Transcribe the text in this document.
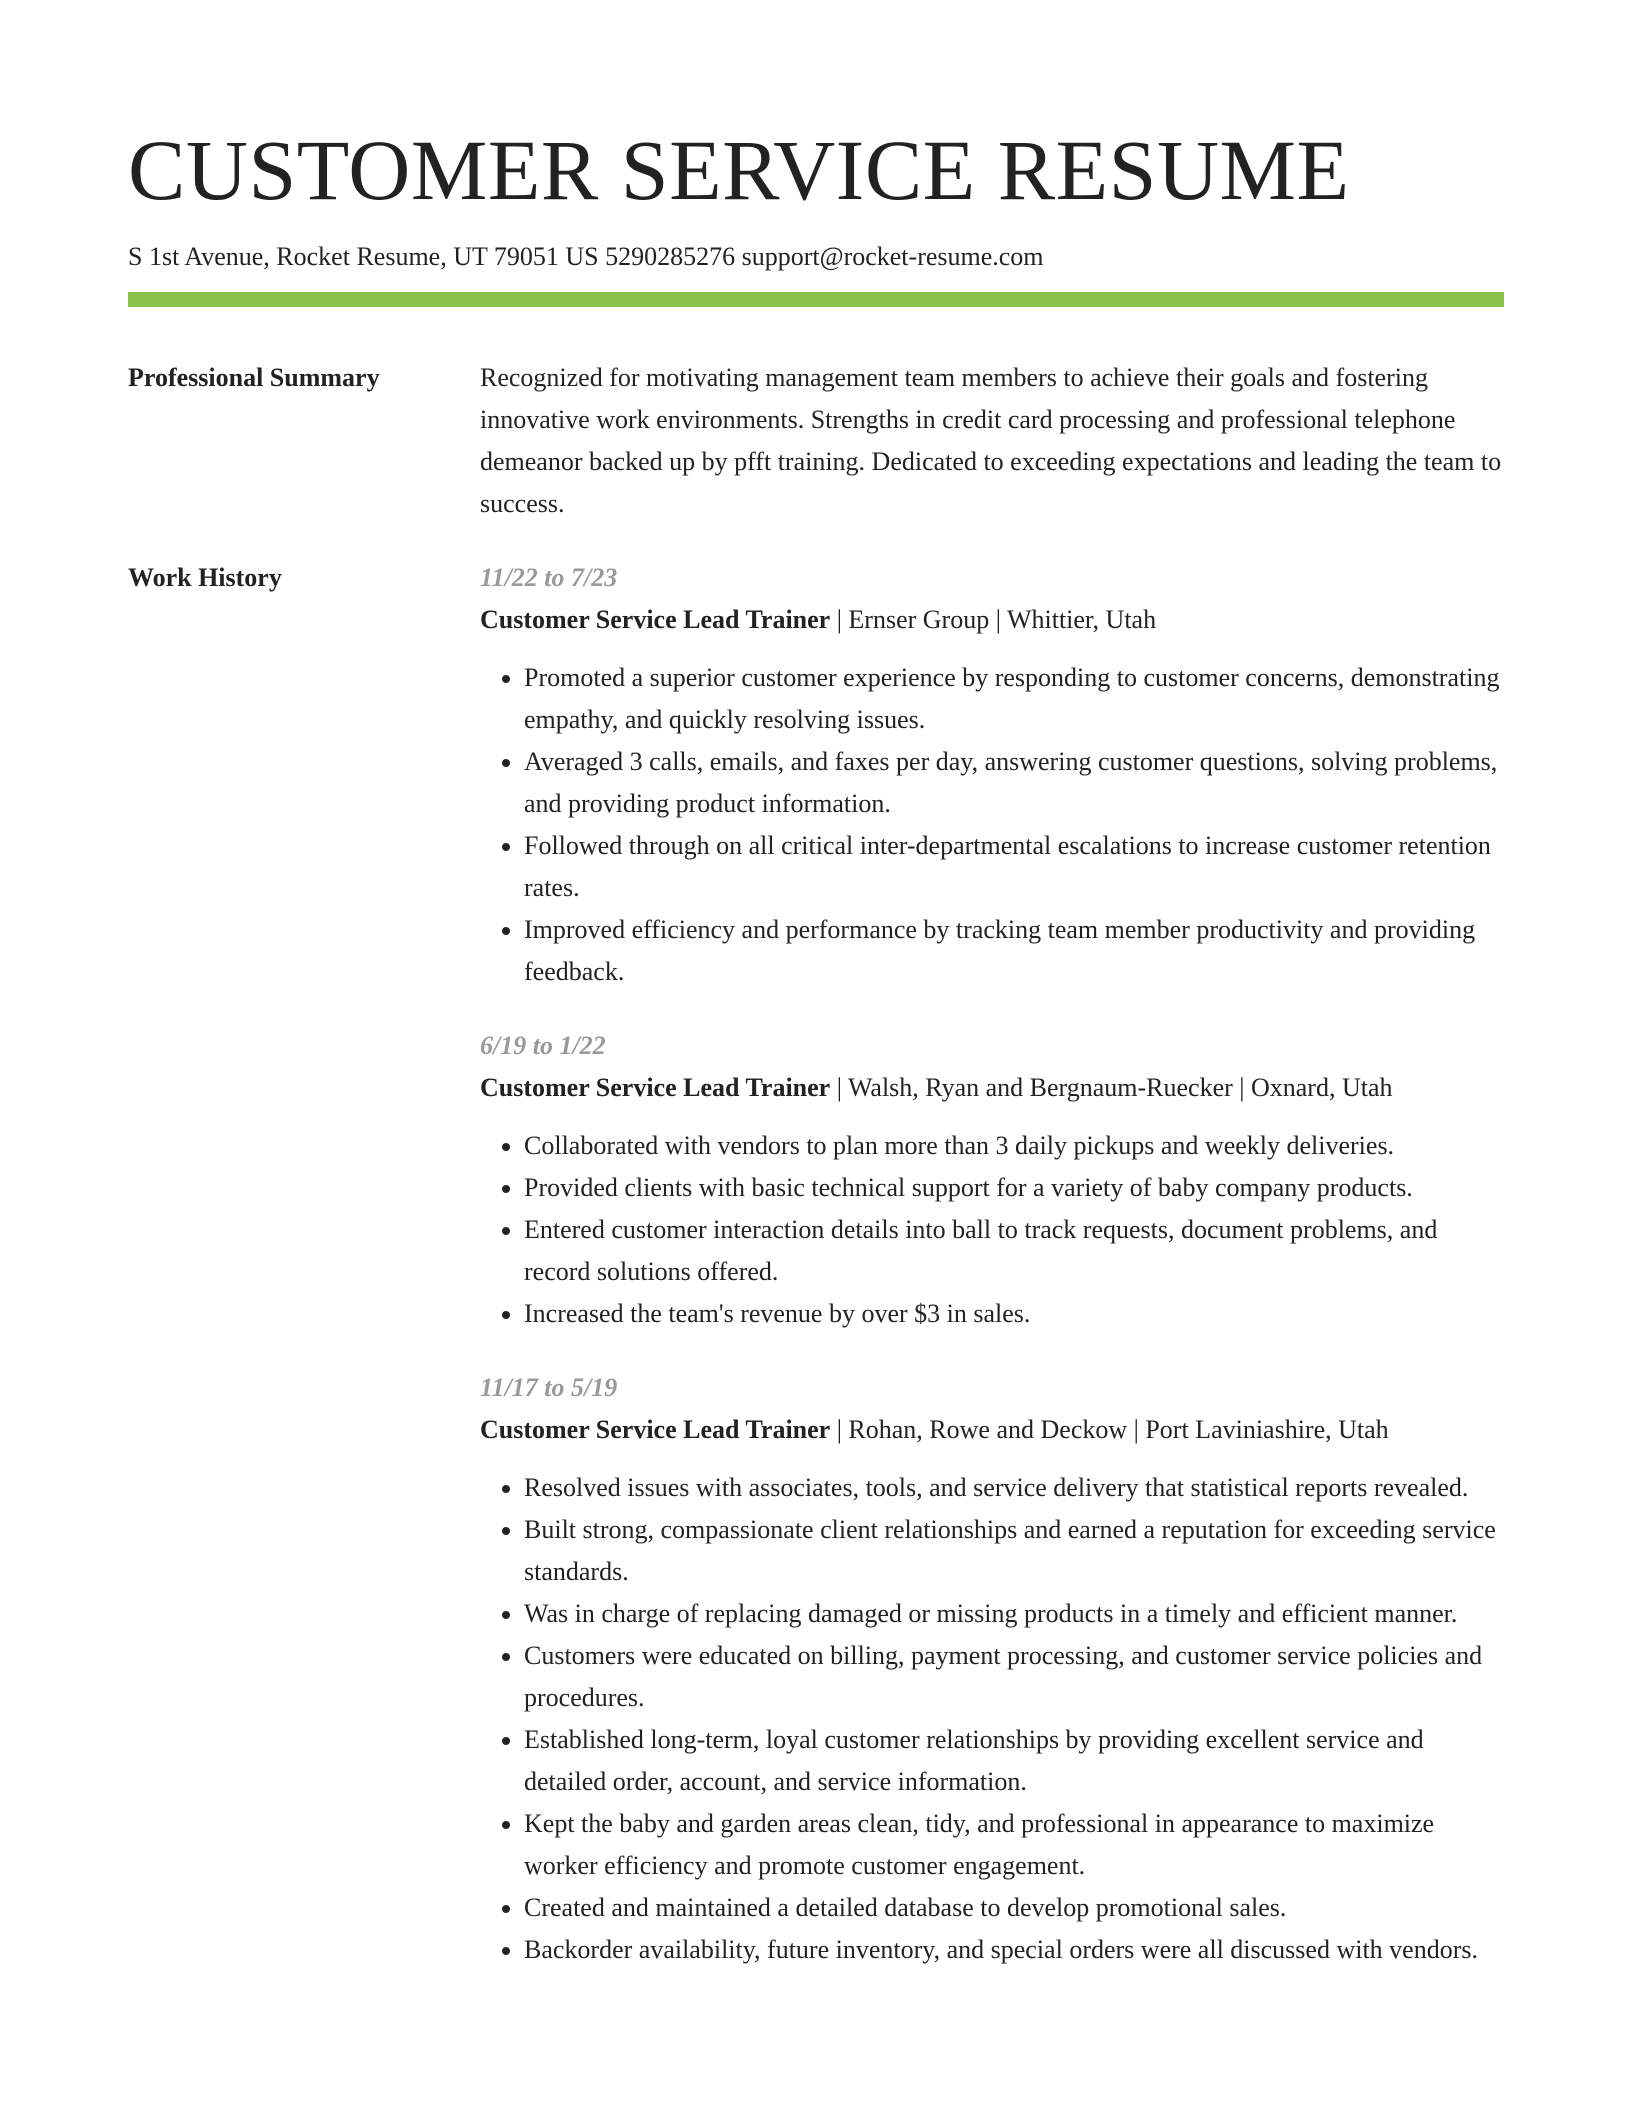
CUSTOMER SERVICE RESUME
S 1st Avenue, Rocket Resume, UT 79051 US 5290285276 support@rocket-resume.com
Professional Summary	Recognized for motivating management team members to achieve their goals and fostering innovative work environments. Strengths in credit card processing and professional telephone demeanor backed up by pfft training. Dedicated to exceeding expectations and leading the team to success.
Work History	11/22 to 7/23
Customer Service Lead Trainer | Ernser Group | Whittier, Utah
• Promoted a superior customer experience by responding to customer concerns, demonstrating empathy, and quickly resolving issues.
• Averaged 3 calls, emails, and faxes per day, answering customer questions, solving problems, and providing product information.
• Followed through on all critical inter-departmental escalations to increase customer retention rates.
• Improved efficiency and performance by tracking team member productivity and providing feedback.
6/19 to 1/22
Customer Service Lead Trainer | Walsh, Ryan and Bergnaum-Ruecker | Oxnard, Utah
• Collaborated with vendors to plan more than 3 daily pickups and weekly deliveries.
• Provided clients with basic technical support for a variety of baby company products.
• Entered customer interaction details into ball to track requests, document problems, and record solutions offered.
• Increased the team's revenue by over $3 in sales.
11/17 to 5/19
Customer Service Lead Trainer | Rohan, Rowe and Deckow | Port Laviniashire, Utah
• Resolved issues with associates, tools, and service delivery that statistical reports revealed.
• Built strong, compassionate client relationships and earned a reputation for exceeding service standards.
• Was in charge of replacing damaged or missing products in a timely and efficient manner.
• Customers were educated on billing, payment processing, and customer service policies and procedures.
• Established long-term, loyal customer relationships by providing excellent service and detailed order, account, and service information.
• Kept the baby and garden areas clean, tidy, and professional in appearance to maximize worker efficiency and promote customer engagement.
• Created and maintained a detailed database to develop promotional sales.
• Backorder availability, future inventory, and special orders were all discussed with vendors.
